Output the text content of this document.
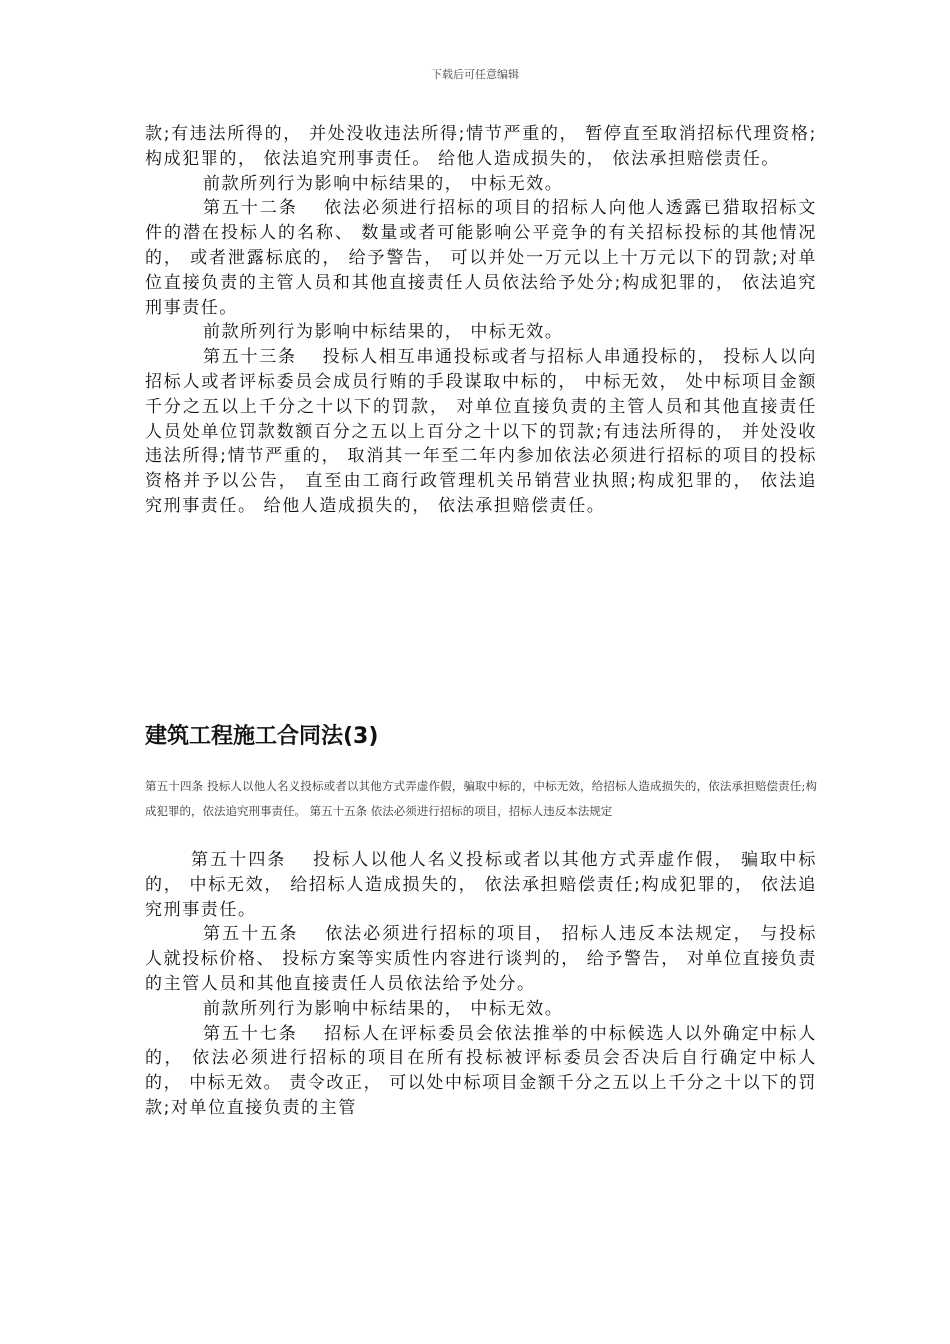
下载后可任意编辑

款;有违法所得的， 并处没收违法所得;情节严重的， 暂停直至取消招标代理资格;构成犯罪的， 依法追究刑事责任。 给他人造成损失的， 依法承担赔偿责任。

前款所列行为影响中标结果的， 中标无效。

第五十二条　 依法必须进行招标的项目的招标人向他人透露已猎取招标文件的潜在投标人的名称、 数量或者可能影响公平竞争的有关招标投标的其他情况的， 或者泄露标底的， 给予警告， 可以并处一万元以上十万元以下的罚款;对单位直接负责的主管人员和其他直接责任人员依法给予处分;构成犯罪的， 依法追究刑事责任。

前款所列行为影响中标结果的， 中标无效。

第五十三条　 投标人相互串通投标或者与招标人串通投标的， 投标人以向招标人或者评标委员会成员行贿的手段谋取中标的， 中标无效， 处中标项目金额千分之五以上千分之十以下的罚款， 对单位直接负责的主管人员和其他直接责任人员处单位罚款数额百分之五以上百分之十以下的罚款;有违法所得的， 并处没收违法所得;情节严重的， 取消其一年至二年内参加依法必须进行招标的项目的投标资格并予以公告， 直至由工商行政管理机关吊销营业执照;构成犯罪的， 依法追究刑事责任。 给他人造成损失的， 依法承担赔偿责任。

建筑工程施工合同法(3)

第五十四条 投标人以他人名义投标或者以其他方式弄虚作假，骗取中标的，中标无效，给招标人造成损失的，依法承担赔偿责任;构成犯罪的，依法追究刑事责任。 第五十五条 依法必须进行招标的项目，招标人违反本法规定

第五十四条　 投标人以他人名义投标或者以其他方式弄虚作假， 骗取中标的， 中标无效， 给招标人造成损失的， 依法承担赔偿责任;构成犯罪的， 依法追究刑事责任。

第五十五条　 依法必须进行招标的项目， 招标人违反本法规定， 与投标人就投标价格、 投标方案等实质性内容进行谈判的， 给予警告， 对单位直接负责的主管人员和其他直接责任人员依法给予处分。

前款所列行为影响中标结果的， 中标无效。

第五十七条　 招标人在评标委员会依法推举的中标候选人以外确定中标人的， 依法必须进行招标的项目在所有投标被评标委员会否决后自行确定中标人的， 中标无效。 责令改正， 可以处中标项目金额千分之五以上千分之十以下的罚款;对单位直接负责的主管
